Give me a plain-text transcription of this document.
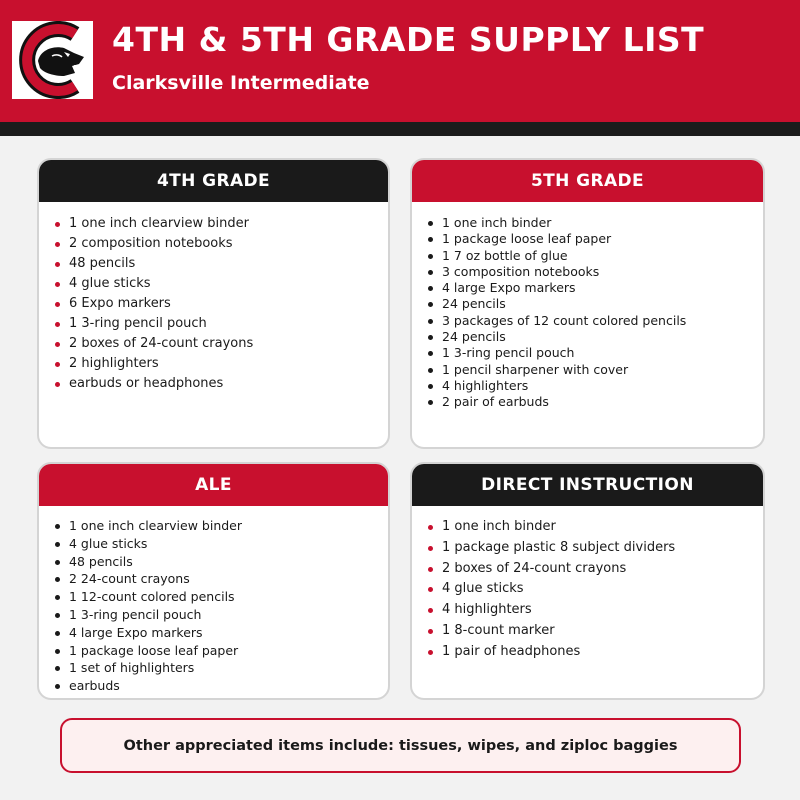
4TH & 5TH GRADE SUPPLY LIST
Clarksville Intermediate
4TH GRADE
1 one inch clearview binder
2 composition notebooks
48 pencils
4 glue sticks
6 Expo markers
1 3-ring pencil pouch
2 boxes of 24-count crayons
2 highlighters
earbuds or headphones
5TH GRADE
1 one inch binder
1 package loose leaf paper
1 7 oz bottle of glue
3 composition notebooks
4 large Expo markers
24 pencils
3 packages of 12 count colored pencils
24 pencils
1 3-ring pencil pouch
1 pencil sharpener with cover
4 highlighters
2 pair of earbuds
ALE
1 one inch clearview binder
4 glue sticks
48 pencils
2 24-count crayons
1 12-count colored pencils
1 3-ring pencil pouch
4 large Expo markers
1 package loose leaf paper
1 set of highlighters
earbuds
DIRECT INSTRUCTION
1 one inch binder
1 package plastic 8 subject dividers
2 boxes of 24-count crayons
4 glue sticks
4 highlighters
1 8-count marker
1 pair of headphones
Other appreciated items include: tissues, wipes, and ziploc baggies
